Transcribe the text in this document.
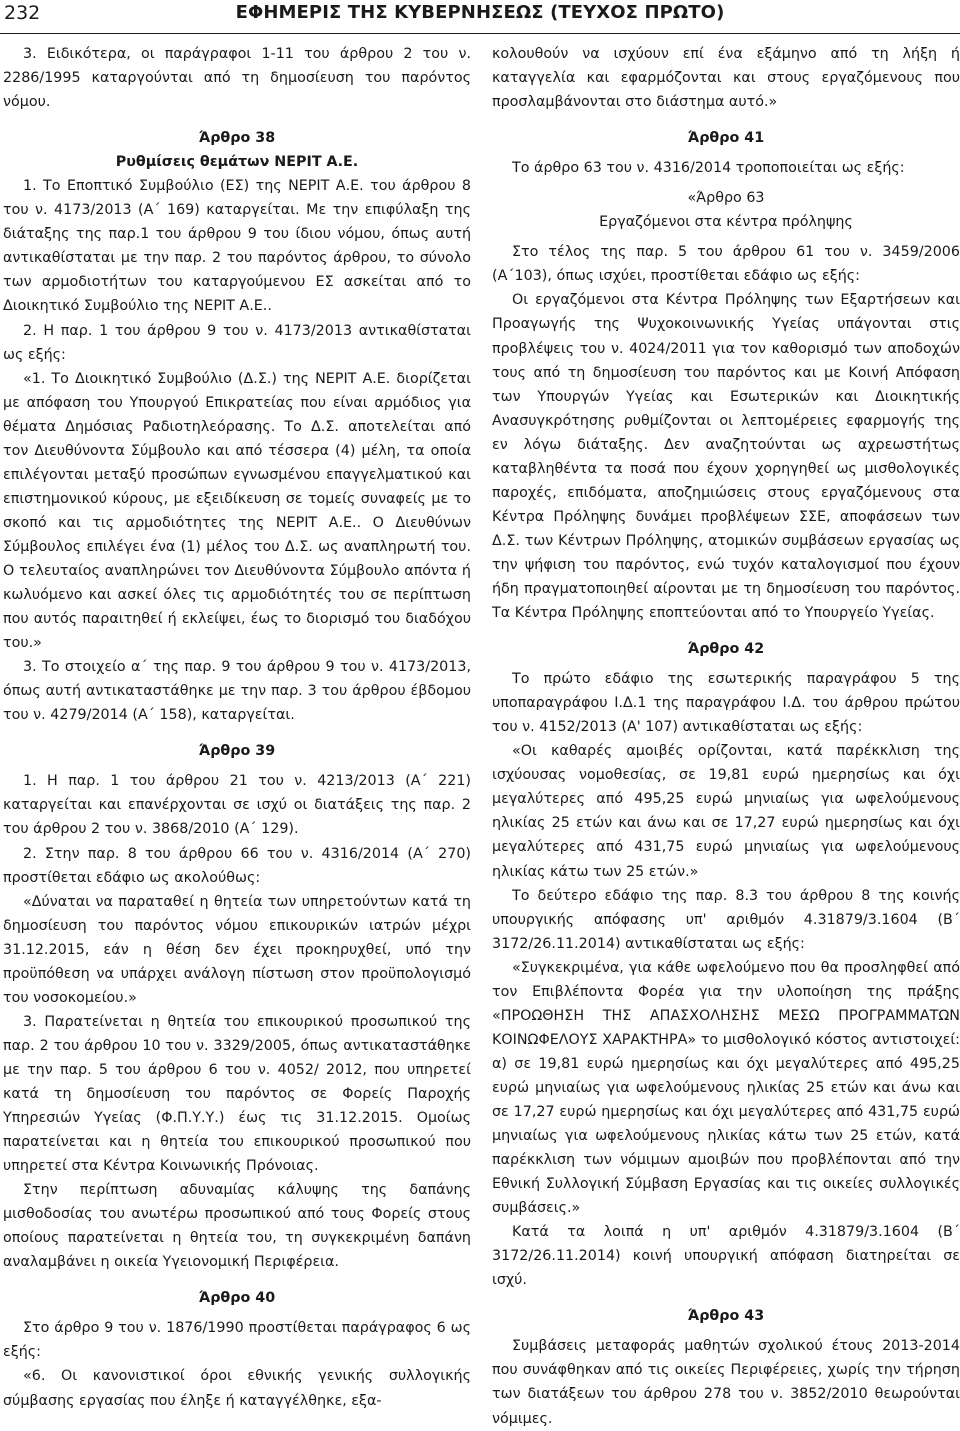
232	ΕΦΗΜΕΡΙΣ ΤΗΣ ΚΥΒΕΡΝΗΣΕΩΣ (ΤΕΥΧΟΣ ΠΡΩΤΟ)

3. Ειδικότερα, οι παράγραφοι 1-11 του άρθρου 2 του ν. 2286/1995 καταργούνται από τη δημοσίευση του παρόντος νόμου.

Άρθρο 38

Ρυθμίσεις θεμάτων ΝΕΡΙΤ Α.Ε.

1. Το Εποπτικό Συμβούλιο (ΕΣ) της ΝΕΡΙΤ Α.Ε. του άρθρου 8 του ν. 4173/2013 (Α΄ 169) καταργείται. Με την επιφύλαξη της διάταξης της παρ.1 του άρθρου 9 του ίδιου νόμου, όπως αυτή αντικαθίσταται με την παρ. 2 του παρόντος άρθρου, το σύνολο των αρμοδιοτήτων του καταργούμενου ΕΣ ασκείται από το Διοικητικό Συμβούλιο της ΝΕΡΙΤ Α.Ε..

2. Η παρ. 1 του άρθρου 9 του ν. 4173/2013 αντικαθίσταται ως εξής:

«1. Το Διοικητικό Συμβούλιο (Δ.Σ.) της ΝΕΡΙΤ Α.Ε. διορίζεται με απόφαση του Υπουργού Επικρατείας που είναι αρμόδιος για θέματα Δημόσιας Ραδιοτηλεόρασης. Το Δ.Σ. αποτελείται από τον Διευθύνοντα Σύμβουλο και από τέσσερα (4) μέλη, τα οποία επιλέγονται μεταξύ προσώπων εγνωσμένου επαγγελματικού και επιστημονικού κύρους, με εξειδίκευση σε τομείς συναφείς με το σκοπό και τις αρμοδιότητες της ΝΕΡΙΤ Α.Ε.. Ο Διευθύνων Σύμβουλος επιλέγει ένα (1) μέλος του Δ.Σ. ως αναπληρωτή του. Ο τελευταίος αναπληρώνει τον Διευθύνοντα Σύμβουλο απόντα ή κωλυόμενο και ασκεί όλες τις αρμοδιότητές του σε περίπτωση που αυτός παραιτηθεί ή εκλείψει, έως το διορισμό του διαδόχου του.»

3. Το στοιχείο α΄ της παρ. 9 του άρθρου 9 του ν. 4173/2013, όπως αυτή αντικαταστάθηκε με την παρ. 3 του άρθρου έβδομου του ν. 4279/2014 (Α΄ 158), καταργείται.

Άρθρο 39

1. Η παρ. 1 του άρθρου 21 του ν. 4213/2013 (Α΄ 221) καταργείται και επανέρχονται σε ισχύ οι διατάξεις της παρ. 2 του άρθρου 2 του ν. 3868/2010 (Α΄ 129).

2. Στην παρ. 8 του άρθρου 66 του ν. 4316/2014 (Α΄ 270) προστίθεται εδάφιο ως ακολούθως:

«Δύναται να παραταθεί η θητεία των υπηρετούντων κατά τη δημοσίευση του παρόντος νόμου επικουρικών ιατρών μέχρι 31.12.2015, εάν η θέση δεν έχει προκηρυχθεί, υπό την προϋπόθεση να υπάρχει ανάλογη πίστωση στον προϋπολογισμό του νοσοκομείου.»

3. Παρατείνεται η θητεία του επικουρικού προσωπικού της παρ. 2 του άρθρου 10 του ν. 3329/2005, όπως αντικαταστάθηκε με την παρ. 5 του άρθρου 6 του ν. 4052/ 2012, που υπηρετεί κατά τη δημοσίευση του παρόντος σε Φορείς Παροχής Υπηρεσιών Υγείας (Φ.Π.Υ.Υ.) έως τις 31.12.2015. Ομοίως παρατείνεται και η θητεία του επικουρικού προσωπικού που υπηρετεί στα Κέντρα Κοινωνικής Πρόνοιας.

Στην περίπτωση αδυναμίας κάλυψης της δαπάνης μισθοδοσίας του ανωτέρω προσωπικού από τους Φορείς στους οποίους παρατείνεται η θητεία του, τη συγκεκριμένη δαπάνη αναλαμβάνει η οικεία Υγειονομική Περιφέρεια.

Άρθρο 40

Στο άρθρο 9 του ν. 1876/1990 προστίθεται παράγραφος 6 ως εξής:

«6. Οι κανονιστικοί όροι εθνικής γενικής συλλογικής σύμβασης εργασίας που έληξε ή καταγγέλθηκε, εξα-

κολουθούν να ισχύουν επί ένα εξάμηνο από τη λήξη ή καταγγελία και εφαρμόζονται και στους εργαζόμενους που προσλαμβάνονται στο διάστημα αυτό.»

Άρθρο 41

Το άρθρο 63 του ν. 4316/2014 τροποποιείται ως εξής:

«Άρθρο 63

Εργαζόμενοι στα κέντρα πρόληψης

Στο τέλος της παρ. 5 του άρθρου 61 του ν. 3459/2006 (Α΄103), όπως ισχύει, προστίθεται εδάφιο ως εξής:

Οι εργαζόμενοι στα Κέντρα Πρόληψης των Εξαρτήσεων και Προαγωγής της Ψυχοκοινωνικής Υγείας υπάγονται στις προβλέψεις του ν. 4024/2011 για τον καθορισμό των αποδοχών τους από τη δημοσίευση του παρόντος και με Κοινή Απόφαση των Υπουργών Υγείας και Εσωτερικών και Διοικητικής Ανασυγκρότησης ρυθμίζονται οι λεπτομέρειες εφαρμογής της εν λόγω διάταξης. Δεν αναζητούνται ως αχρεωστήτως καταβληθέντα τα ποσά που έχουν χορηγηθεί ως μισθολογικές παροχές, επιδόματα, αποζημιώσεις στους εργαζόμενους στα Κέντρα Πρόληψης δυνάμει προβλέψεων ΣΣΕ, αποφάσεων των Δ.Σ. των Κέντρων Πρόληψης, ατομικών συμβάσεων εργασίας ως την ψήφιση του παρόντος, ενώ τυχόν καταλογισμοί που έχουν ήδη πραγματοποιηθεί αίρονται με τη δημοσίευση του παρόντος. Τα Κέντρα Πρόληψης εποπτεύονται από το Υπουργείο Υγείας.

Άρθρο 42

Το πρώτο εδάφιο της εσωτερικής παραγράφου 5 της υποπαραγράφου Ι.Δ.1 της παραγράφου Ι.Δ. του άρθρου πρώτου του ν. 4152/2013 (Α' 107) αντικαθίσταται ως εξής:

«Οι καθαρές αμοιβές ορίζονται, κατά παρέκκλιση της ισχύουσας νομοθεσίας, σε 19,81 ευρώ ημερησίως και όχι μεγαλύτερες από 495,25 ευρώ μηνιαίως για ωφελούμενους ηλικίας 25 ετών και άνω και σε 17,27 ευρώ ημερησίως και όχι μεγαλύτερες από 431,75 ευρώ μηνιαίως για ωφελούμενους ηλικίας κάτω των 25 ετών.»

Το δεύτερο εδάφιο της παρ. 8.3 του άρθρου 8 της κοινής υπουργικής απόφασης υπ' αριθμόν 4.31879/3.1604 (Β΄ 3172/26.11.2014) αντικαθίσταται ως εξής:

«Συγκεκριμένα, για κάθε ωφελούμενο που θα προσληφθεί από τον Επιβλέποντα Φορέα για την υλοποίηση της πράξης «ΠΡΟΩΘΗΣΗ ΤΗΣ ΑΠΑΣΧΟΛΗΣΗΣ ΜΕΣΩ ΠΡΟΓΡΑΜΜΑΤΩΝ ΚΟΙΝΩΦΕΛΟΥΣ ΧΑΡΑΚΤΗΡΑ» το μισθολογικό κόστος αντιστοιχεί: α) σε 19,81 ευρώ ημερησίως και όχι μεγαλύτερες από 495,25 ευρώ μηνιαίως για ωφελούμενους ηλικίας 25 ετών και άνω και σε 17,27 ευρώ ημερησίως και όχι μεγαλύτερες από 431,75 ευρώ μηνιαίως για ωφελούμενους ηλικίας κάτω των 25 ετών, κατά παρέκκλιση των νόμιμων αμοιβών που προβλέπονται από την Εθνική Συλλογική Σύμβαση Εργασίας και τις οικείες συλλογικές συμβάσεις.»

Κατά τα λοιπά η υπ' αριθμόν 4.31879/3.1604 (Β΄ 3172/26.11.2014) κοινή υπουργική απόφαση διατηρείται σε ισχύ.

Άρθρο 43

Συμβάσεις μεταφοράς μαθητών σχολικού έτους 2013-2014 που συνάφθηκαν από τις οικείες Περιφέρειες, χωρίς την τήρηση των διατάξεων του άρθρου 278 του ν. 3852/2010 θεωρούνται νόμιμες.
